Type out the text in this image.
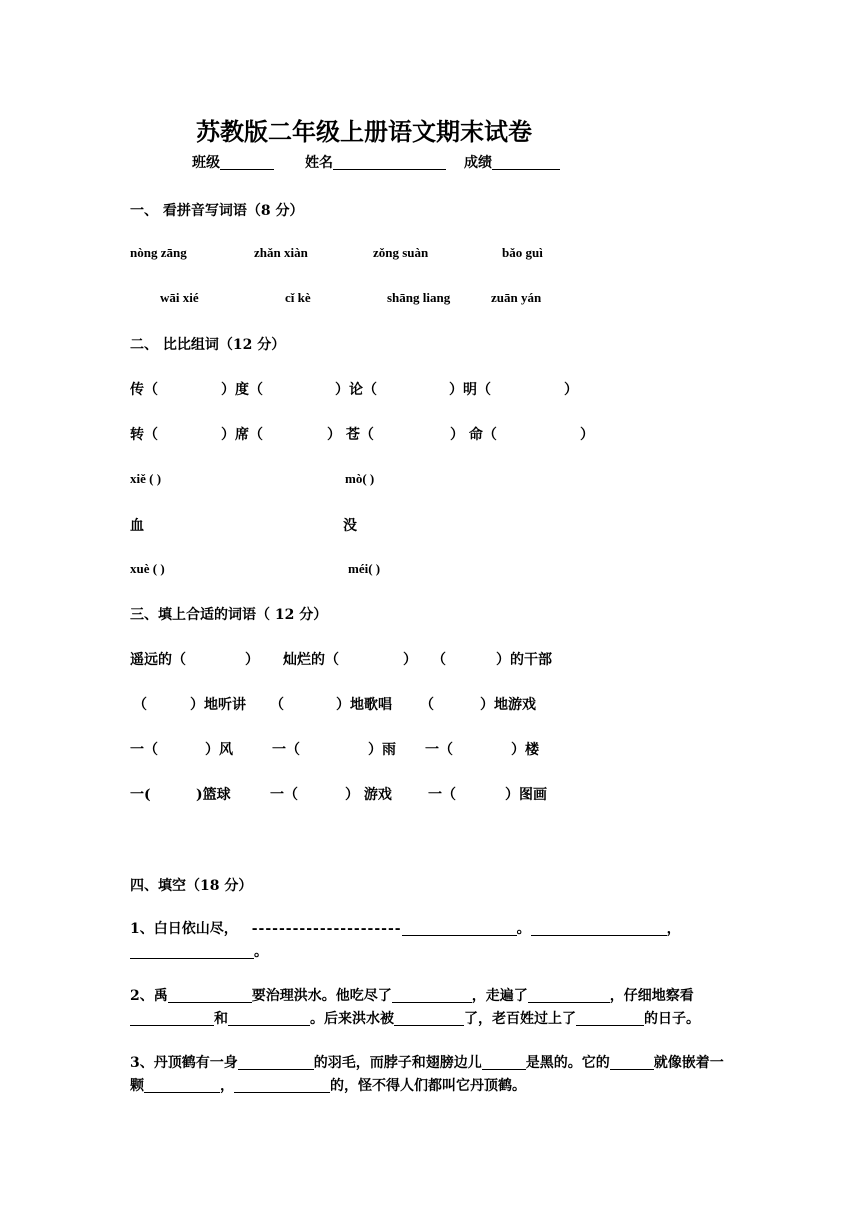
苏教版二年级上册语文期末试卷
班级	姓名	成绩
一、 看拼音写词语（8 分）
nòng zāng	zhǎn xiàn	zǒng suàn	bǎo guì
wāi xié	cǐ kè	shāng liang	zuān yán
二、 比比组词（12 分）
传（	）度（	）论（	）明（	）
转（	）席（	） 苍（	） 命（	）
xiě ( )	mò( )
血	没
xuè ( )	méi( )
三、填上合适的词语（ 12 分）
遥远的（	） 灿烂的（	） （	）的干部
（	）地听讲 （	）地歌唱 （	）地游戏
一（	）风	一（	）雨 一（	）楼
一(	)篮球	一（	） 游戏	一（	）图画
四、填空（18 分）
1、白日依山尽， ----------------------	。	，
。
2、禹	要治理洪水。他吃尽了	，走遍了	，仔细地察看
和	。后来洪水被	了，老百姓过上了	的日子。
3、丹顶鹤有一身	的羽毛，而脖子和翅膀边儿	是黑的。它的	就像嵌着一颗	，	的，怪不得人们都叫它丹顶鹤。
